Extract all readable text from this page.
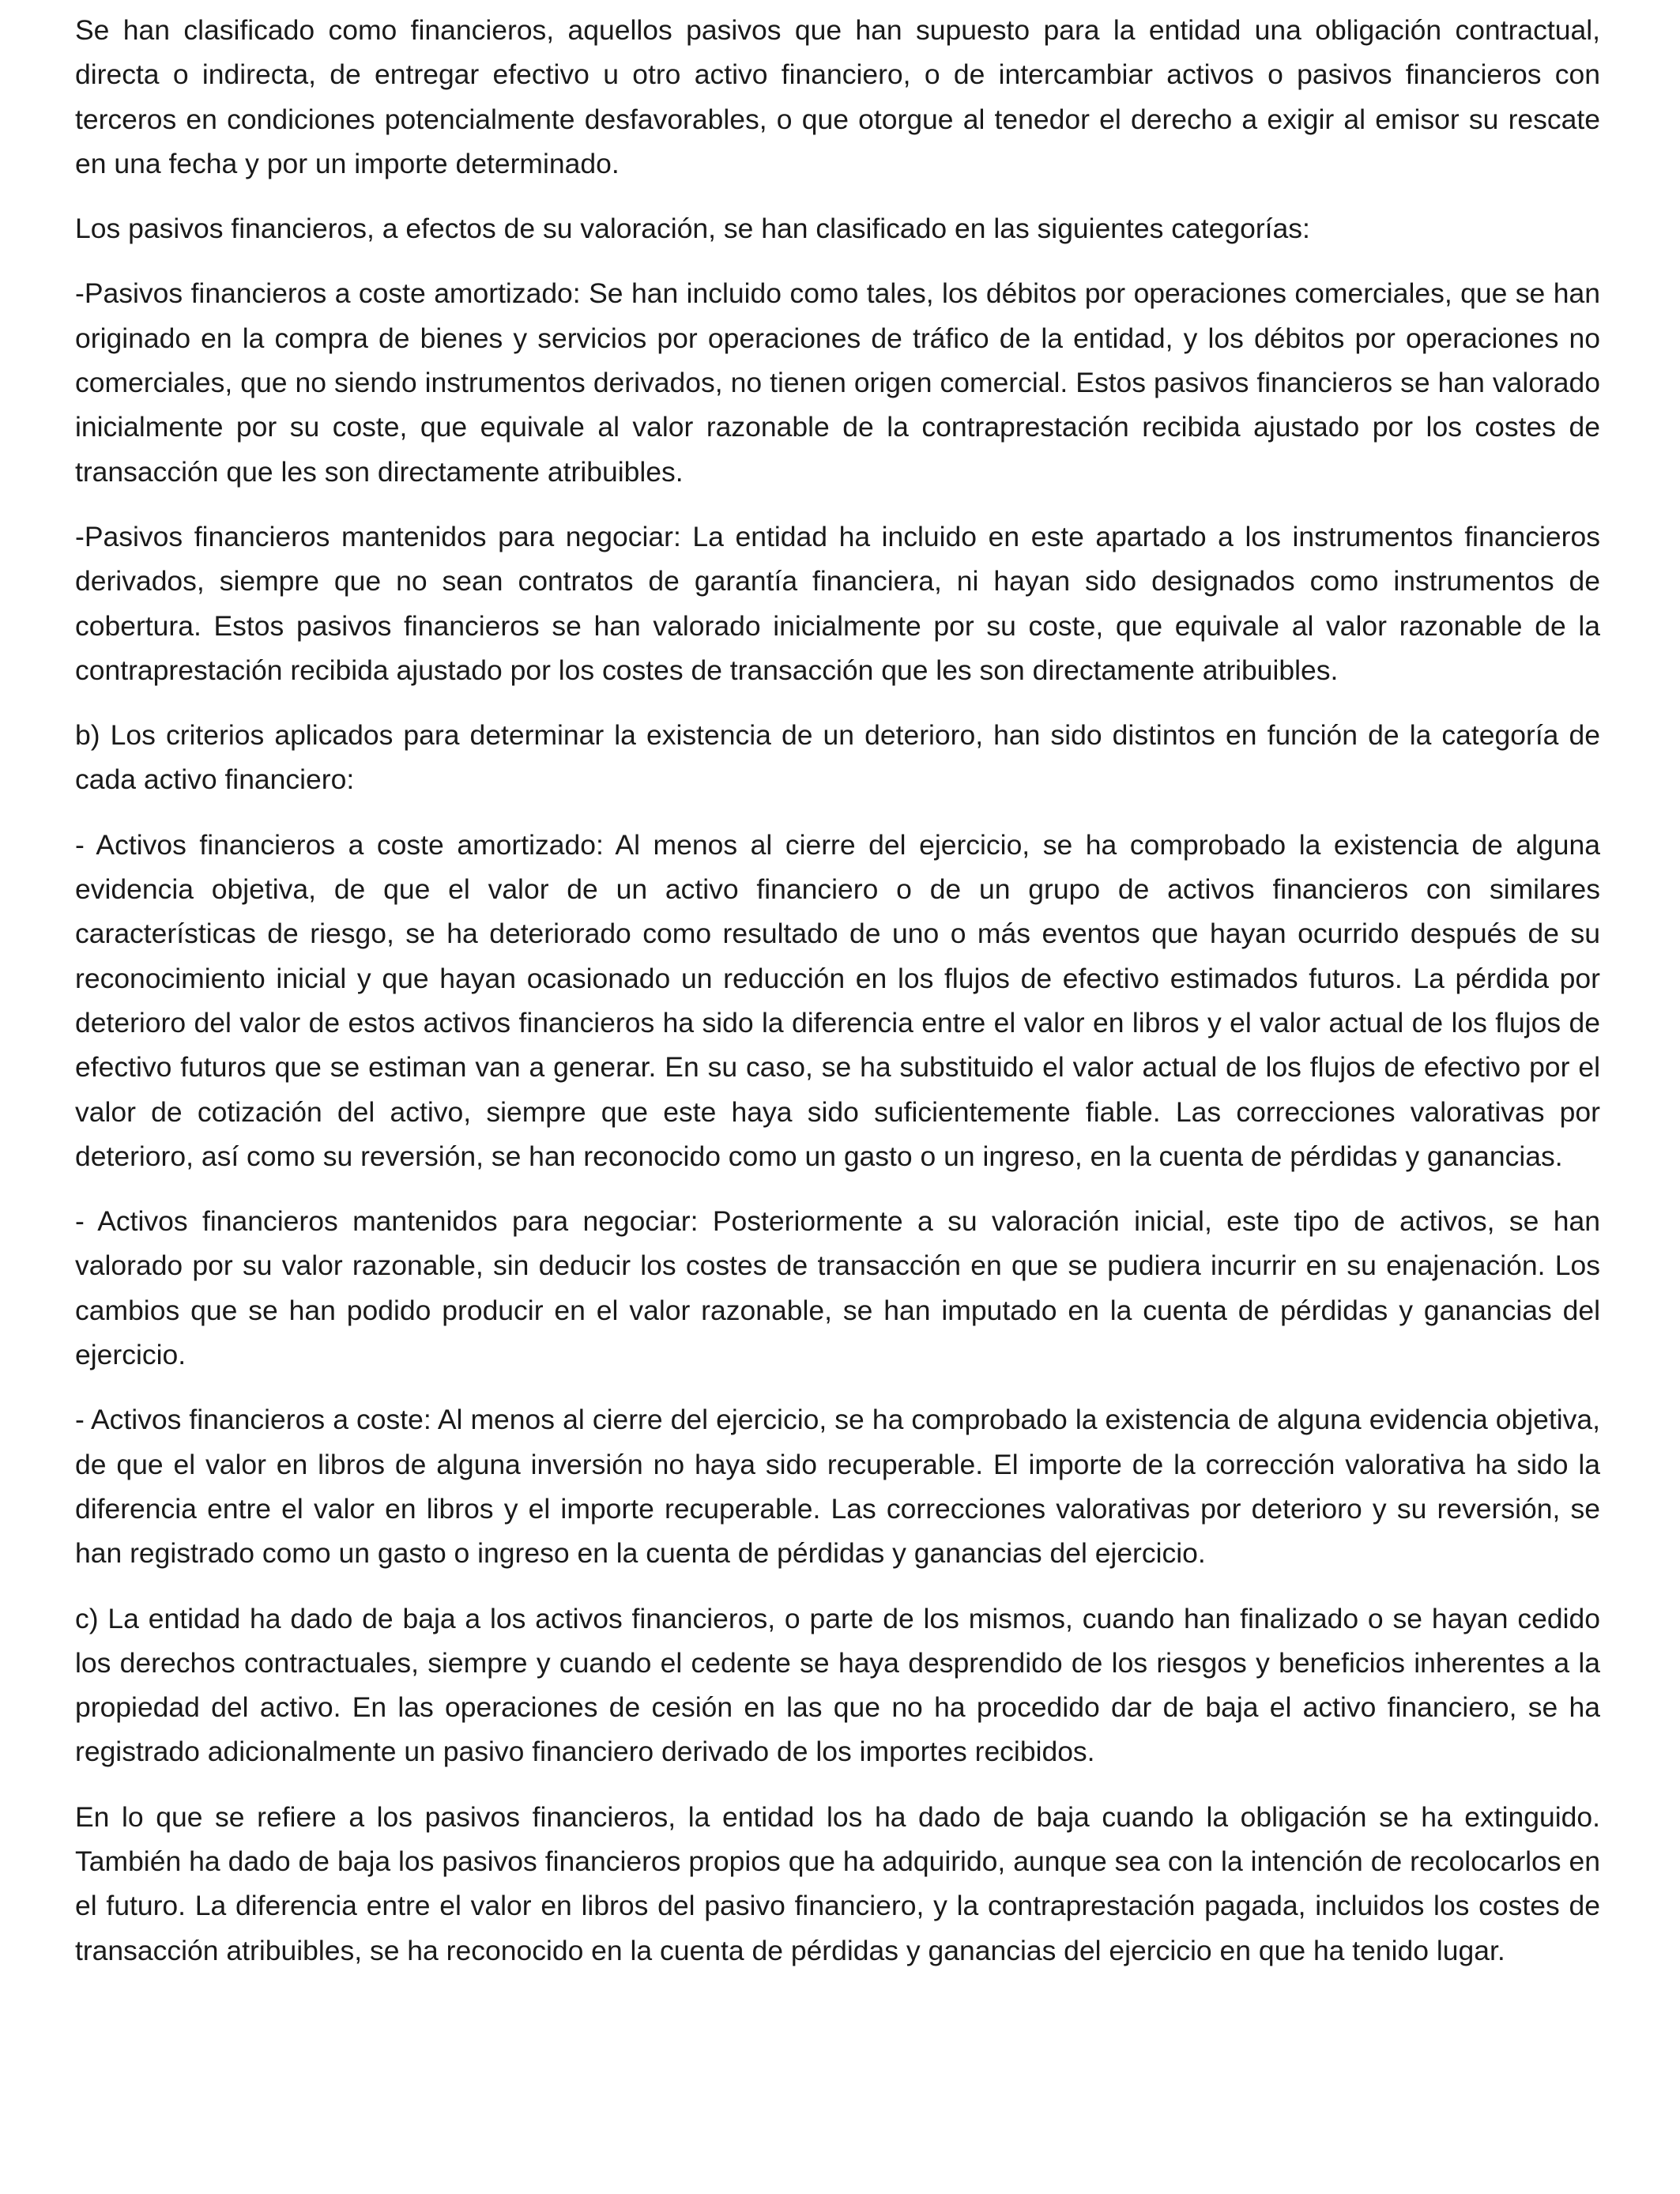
Se han clasificado como financieros, aquellos pasivos que han supuesto para la entidad una obligación contractual, directa o indirecta, de entregar efectivo u otro activo financiero, o de intercambiar activos o pasivos financieros con terceros en condiciones potencialmente desfavorables, o que otorgue al tenedor el derecho a exigir al emisor su rescate en una fecha y por un importe determinado.

Los pasivos financieros, a efectos de su valoración, se han clasificado en las siguientes categorías:

-Pasivos financieros a coste amortizado: Se han incluido como tales, los débitos por operaciones comerciales, que se han originado en la compra de bienes y servicios por operaciones de tráfico de la entidad, y los débitos por operaciones no comerciales, que no siendo instrumentos derivados, no tienen origen comercial. Estos pasivos financieros se han valorado inicialmente por su coste, que equivale al valor razonable de la contraprestación recibida ajustado por los costes de transacción que les son directamente atribuibles.

-Pasivos financieros mantenidos para negociar: La entidad ha incluido en este apartado a los instrumentos financieros derivados, siempre que no sean contratos de garantía financiera, ni hayan sido designados como instrumentos de cobertura. Estos pasivos financieros se han valorado inicialmente por su coste, que equivale al valor razonable de la contraprestación recibida ajustado por los costes de transacción que les son directamente atribuibles.

b) Los criterios aplicados para determinar la existencia de un deterioro, han sido distintos en función de la categoría de cada activo financiero:

- Activos financieros a coste amortizado: Al menos al cierre del ejercicio, se ha comprobado la existencia de alguna evidencia objetiva, de que el valor de un activo financiero o de un grupo de activos financieros con similares características de riesgo, se ha deteriorado como resultado de uno o más eventos que hayan ocurrido después de su reconocimiento inicial y que hayan ocasionado un reducción en los flujos de efectivo estimados futuros. La pérdida por deterioro del valor de estos activos financieros ha sido la diferencia entre el valor en libros y el valor actual de los flujos de efectivo futuros que se estiman van a generar. En su caso, se ha substituido el valor actual de los flujos de efectivo por el valor de cotización del activo, siempre que este haya sido suficientemente fiable. Las correcciones valorativas por deterioro, así como su reversión, se han reconocido como un gasto o un ingreso, en la cuenta de pérdidas y ganancias.

- Activos financieros mantenidos para negociar: Posteriormente a su valoración inicial, este tipo de activos, se han valorado por su valor razonable, sin deducir los costes de transacción en que se pudiera incurrir en su enajenación. Los cambios que se han podido producir en el valor razonable, se han imputado en la cuenta de pérdidas y ganancias del ejercicio.

- Activos financieros a coste: Al menos al cierre del ejercicio, se ha comprobado la existencia de alguna evidencia objetiva, de que el valor en libros de alguna inversión no haya sido recuperable. El importe de la corrección valorativa ha sido la diferencia entre el valor en libros y el importe recuperable. Las correcciones valorativas por deterioro y su reversión, se han registrado como un gasto o ingreso en la cuenta de pérdidas y ganancias del ejercicio.

c) La entidad ha dado de baja a los activos financieros, o parte de los mismos, cuando han finalizado o se hayan cedido los derechos contractuales, siempre y cuando el cedente se haya desprendido de los riesgos y beneficios inherentes a la propiedad del activo. En las operaciones de cesión en las que no ha procedido dar de baja el activo financiero, se ha registrado adicionalmente un pasivo financiero derivado de los importes recibidos.

En lo que se refiere a los pasivos financieros, la entidad los ha dado de baja cuando la obligación se ha extinguido. También ha dado de baja los pasivos financieros propios que ha adquirido, aunque sea con la intención de recolocarlos en el futuro. La diferencia entre el valor en libros del pasivo financiero, y la contraprestación pagada, incluidos los costes de transacción atribuibles, se ha reconocido en la cuenta de pérdidas y ganancias del ejercicio en que ha tenido lugar.
